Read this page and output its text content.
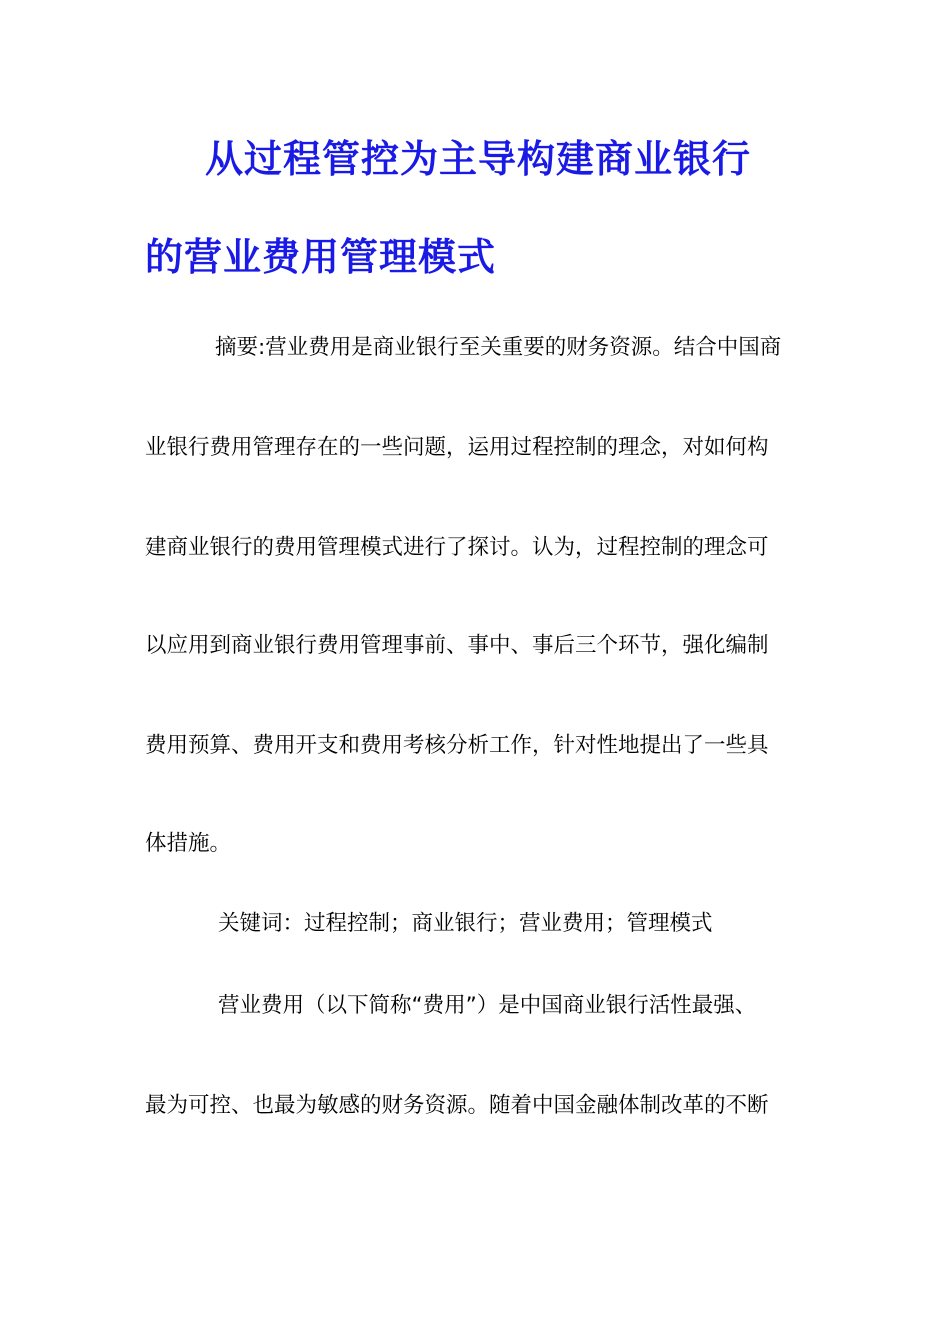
从过程管控为主导构建商业银行
的营业费用管理模式
摘要:营业费用是商业银行至关重要的财务资源。结合中国商
业银行费用管理存在的一些问题，运用过程控制的理念，对如何构
建商业银行的费用管理模式进行了探讨。认为，过程控制的理念可
以应用到商业银行费用管理事前、事中、事后三个环节，强化编制
费用预算、费用开支和费用考核分析工作，针对性地提出了一些具
体措施。
关键词：过程控制；商业银行；营业费用；管理模式
营业费用（以下简称“费用”）是中国商业银行活性最强、
最为可控、也最为敏感的财务资源。随着中国金融体制改革的不断
